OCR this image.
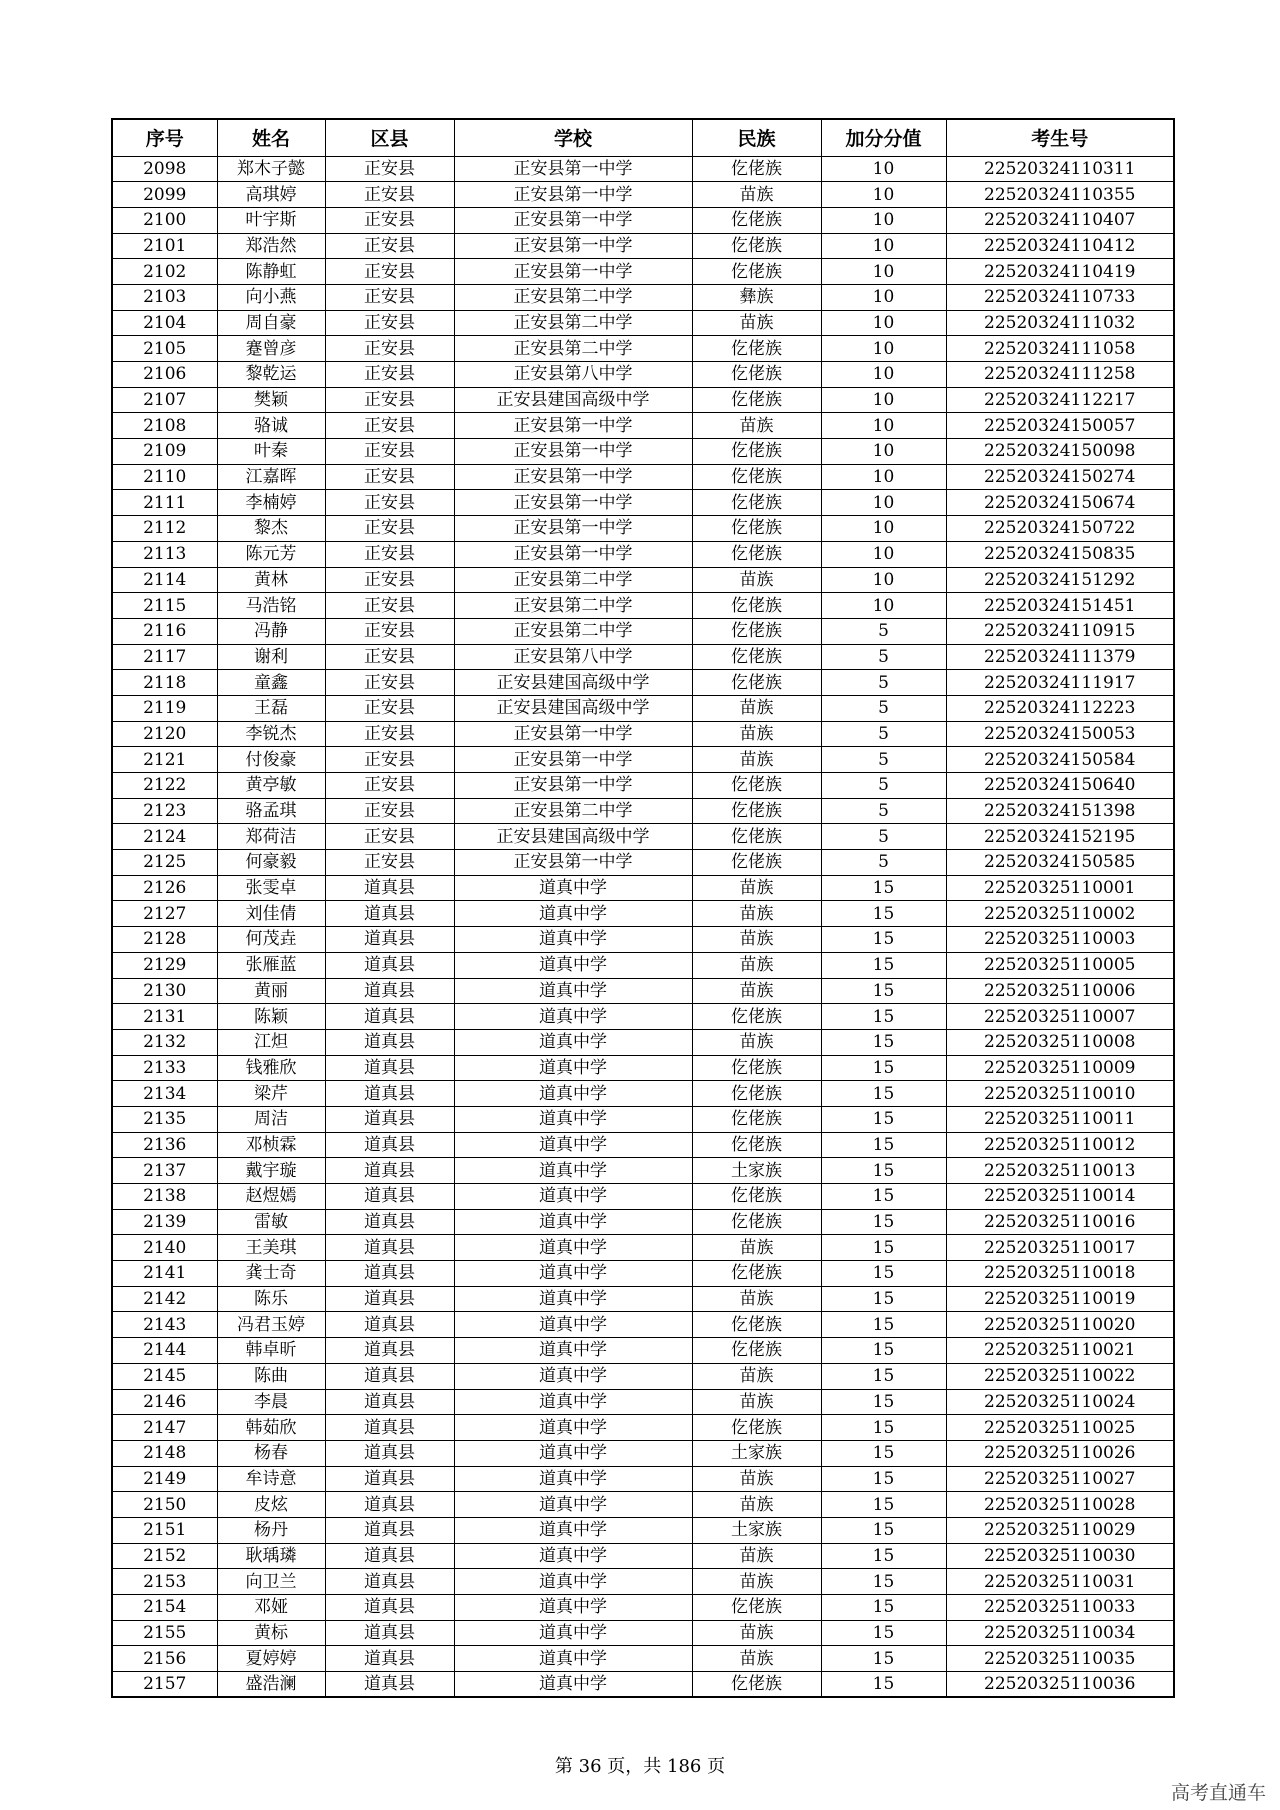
序号	姓名	区县	学校	民族	加分分值	考生号
2098	郑木子懿	正安县	正安县第一中学	仡佬族	10	22520324110311
2099	高琪婷	正安县	正安县第一中学	苗族	10	22520324110355
2100	叶宇斯	正安县	正安县第一中学	仡佬族	10	22520324110407
2101	郑浩然	正安县	正安县第一中学	仡佬族	10	22520324110412
2102	陈静虹	正安县	正安县第一中学	仡佬族	10	22520324110419
2103	向小燕	正安县	正安县第二中学	彝族	10	22520324110733
2104	周自豪	正安县	正安县第二中学	苗族	10	22520324111032
2105	蹇曾彦	正安县	正安县第二中学	仡佬族	10	22520324111058
2106	黎乾运	正安县	正安县第八中学	仡佬族	10	22520324111258
2107	樊颖	正安县	正安县建国高级中学	仡佬族	10	22520324112217
2108	骆诚	正安县	正安县第一中学	苗族	10	22520324150057
2109	叶秦	正安县	正安县第一中学	仡佬族	10	22520324150098
2110	江嘉晖	正安县	正安县第一中学	仡佬族	10	22520324150274
2111	李楠婷	正安县	正安县第一中学	仡佬族	10	22520324150674
2112	黎杰	正安县	正安县第一中学	仡佬族	10	22520324150722
2113	陈元芳	正安县	正安县第一中学	仡佬族	10	22520324150835
2114	黄林	正安县	正安县第二中学	苗族	10	22520324151292
2115	马浩铭	正安县	正安县第二中学	仡佬族	10	22520324151451
2116	冯静	正安县	正安县第二中学	仡佬族	5	22520324110915
2117	谢利	正安县	正安县第八中学	仡佬族	5	22520324111379
2118	童鑫	正安县	正安县建国高级中学	仡佬族	5	22520324111917
2119	王磊	正安县	正安县建国高级中学	苗族	5	22520324112223
2120	李锐杰	正安县	正安县第一中学	苗族	5	22520324150053
2121	付俊豪	正安县	正安县第一中学	苗族	5	22520324150584
2122	黄亭敏	正安县	正安县第一中学	仡佬族	5	22520324150640
2123	骆孟琪	正安县	正安县第二中学	仡佬族	5	22520324151398
2124	郑荷洁	正安县	正安县建国高级中学	仡佬族	5	22520324152195
2125	何豪毅	正安县	正安县第一中学	仡佬族	5	22520324150585
2126	张雯卓	道真县	道真中学	苗族	15	22520325110001
2127	刘佳倩	道真县	道真中学	苗族	15	22520325110002
2128	何茂垚	道真县	道真中学	苗族	15	22520325110003
2129	张雁蓝	道真县	道真中学	苗族	15	22520325110005
2130	黄丽	道真县	道真中学	苗族	15	22520325110006
2131	陈颖	道真县	道真中学	仡佬族	15	22520325110007
2132	江炟	道真县	道真中学	苗族	15	22520325110008
2133	钱雅欣	道真县	道真中学	仡佬族	15	22520325110009
2134	梁芹	道真县	道真中学	仡佬族	15	22520325110010
2135	周洁	道真县	道真中学	仡佬族	15	22520325110011
2136	邓桢霖	道真县	道真中学	仡佬族	15	22520325110012
2137	戴宇璇	道真县	道真中学	土家族	15	22520325110013
2138	赵煜嫣	道真县	道真中学	仡佬族	15	22520325110014
2139	雷敏	道真县	道真中学	仡佬族	15	22520325110016
2140	王美琪	道真县	道真中学	苗族	15	22520325110017
2141	龚士奇	道真县	道真中学	仡佬族	15	22520325110018
2142	陈乐	道真县	道真中学	苗族	15	22520325110019
2143	冯君玉婷	道真县	道真中学	仡佬族	15	22520325110020
2144	韩卓昕	道真县	道真中学	仡佬族	15	22520325110021
2145	陈曲	道真县	道真中学	苗族	15	22520325110022
2146	李晨	道真县	道真中学	苗族	15	22520325110024
2147	韩茹欣	道真县	道真中学	仡佬族	15	22520325110025
2148	杨春	道真县	道真中学	土家族	15	22520325110026
2149	牟诗意	道真县	道真中学	苗族	15	22520325110027
2150	皮炫	道真县	道真中学	苗族	15	22520325110028
2151	杨丹	道真县	道真中学	土家族	15	22520325110029
2152	耿瑀璘	道真县	道真中学	苗族	15	22520325110030
2153	向卫兰	道真县	道真中学	苗族	15	22520325110031
2154	邓娅	道真县	道真中学	仡佬族	15	22520325110033
2155	黄标	道真县	道真中学	苗族	15	22520325110034
2156	夏婷婷	道真县	道真中学	苗族	15	22520325110035
2157	盛浩澜	道真县	道真中学	仡佬族	15	22520325110036
第 36 页，共 186 页
高考直通车
